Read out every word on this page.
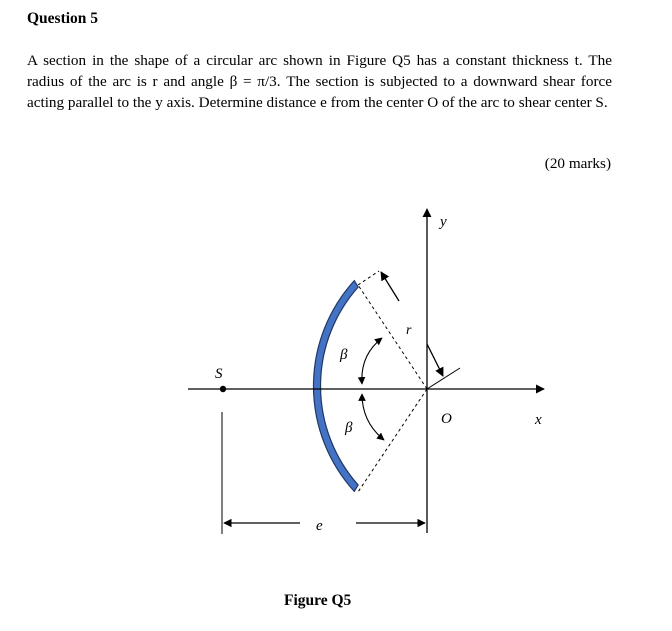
Question 5

A section in the shape of a circular arc shown in Figure Q5 has a constant thickness t. The radius of the arc is r and angle β = π/3. The section is subjected to a downward shear force acting parallel to the y axis. Determine distance e from the center O of the arc to shear center S.

(20 marks)
y
x
O
S
r
β
β
e
Figure Q5
